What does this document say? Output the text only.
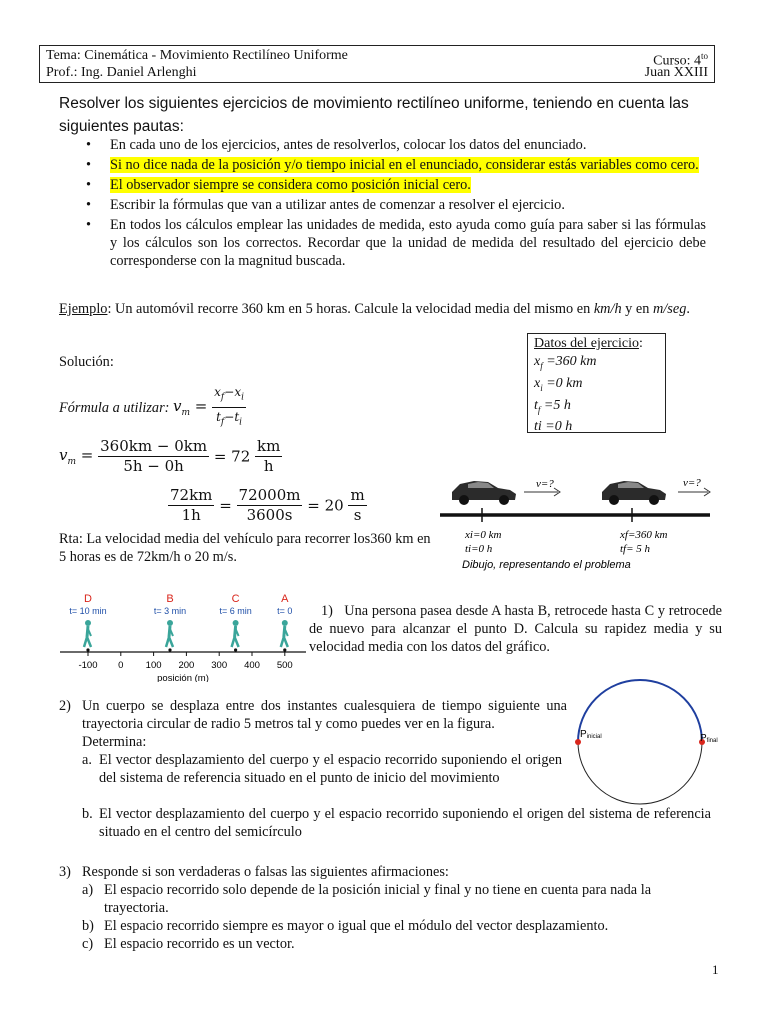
Tema: Cinemática - Movimiento Rectilíneo Uniforme	Curso: $4^{to}$
Prof.: Ing. Daniel Arlenghi	Juan XXIII
Resolver los siguientes ejercicios de movimiento rectilíneo uniforme, teniendo en cuenta las siguientes pautas:
• En cada uno de los ejercicios, antes de resolverlos, colocar los datos del enunciado.
• Si no dice nada de la posición y/o tiempo inicial en el enunciado, considerar estás variables como cero.
• El observador siempre se considera como posición inicial cero.
• Escribir la fórmulas que van a utilizar antes de comenzar a resolver el ejercicio.
• En todos los cálculos emplear las unidades de medida, esto ayuda como guía para saber si las fórmulas y los cálculos son los correctos. Recordar que la unidad de medida del resultado del ejercicio debe corresponderse con la magnitud buscada.
Ejemplo: Un automóvil recorre 360 km en 5 horas. Calcule la velocidad media del mismo en km/h y en m/seg.
Solución:
Fórmula a utilizar: $v_m = \frac{x_f-x_i}{t_f-t_i}$
Datos del ejercicio:
$x_f =360$ km
$x_i =0$ km
$t_f =5$ h
ti =0 h
$v_m = \frac{360km - 0km}{5h - 0h} = 72 \frac{km}{h}$
$\frac{72km}{1h} = \frac{72000m}{3600s} = 20 \frac{m}{s}$
Rta: La velocidad media del vehículo para recorrer los360 km en 5 horas es de 72km/h o 20 m/s.
v=?	v=?
xi=0 km
ti=0 h
xf=360 km
tf= 5 h
Dibujo, representando el problema
-100 0 100 200 300 400 500
posición (m)
D
t= 10 min
B
t= 3 min
C
t= 6 min
A
t= 0	1) Una persona pasea desde A hasta B, retrocede hasta C y retrocede de nuevo para alcanzar el punto D. Calcula su rapidez media y su velocidad media con los datos del gráfico.
2) Un cuerpo se desplaza entre dos instantes cualesquiera de tiempo siguiente una trayectoria circular de radio 5 metros tal y como puedes ver en la figura.
Determina:
a. El vector desplazamiento del cuerpo y el espacio recorrido suponiendo el origen del sistema de referencia situado en el punto de inicio del movimiento
b. El vector desplazamiento del cuerpo y el espacio recorrido suponiendo el origen del sistema de referencia situado en el centro del semicírculo
Pinicial	Pfinal
3) Responde si son verdaderas o falsas las siguientes afirmaciones:
a) El espacio recorrido solo depende de la posición inicial y final y no tiene en cuenta para nada la trayectoria.
b) El espacio recorrido siempre es mayor o igual que el módulo del vector desplazamiento.
c) El espacio recorrido es un vector.
1
